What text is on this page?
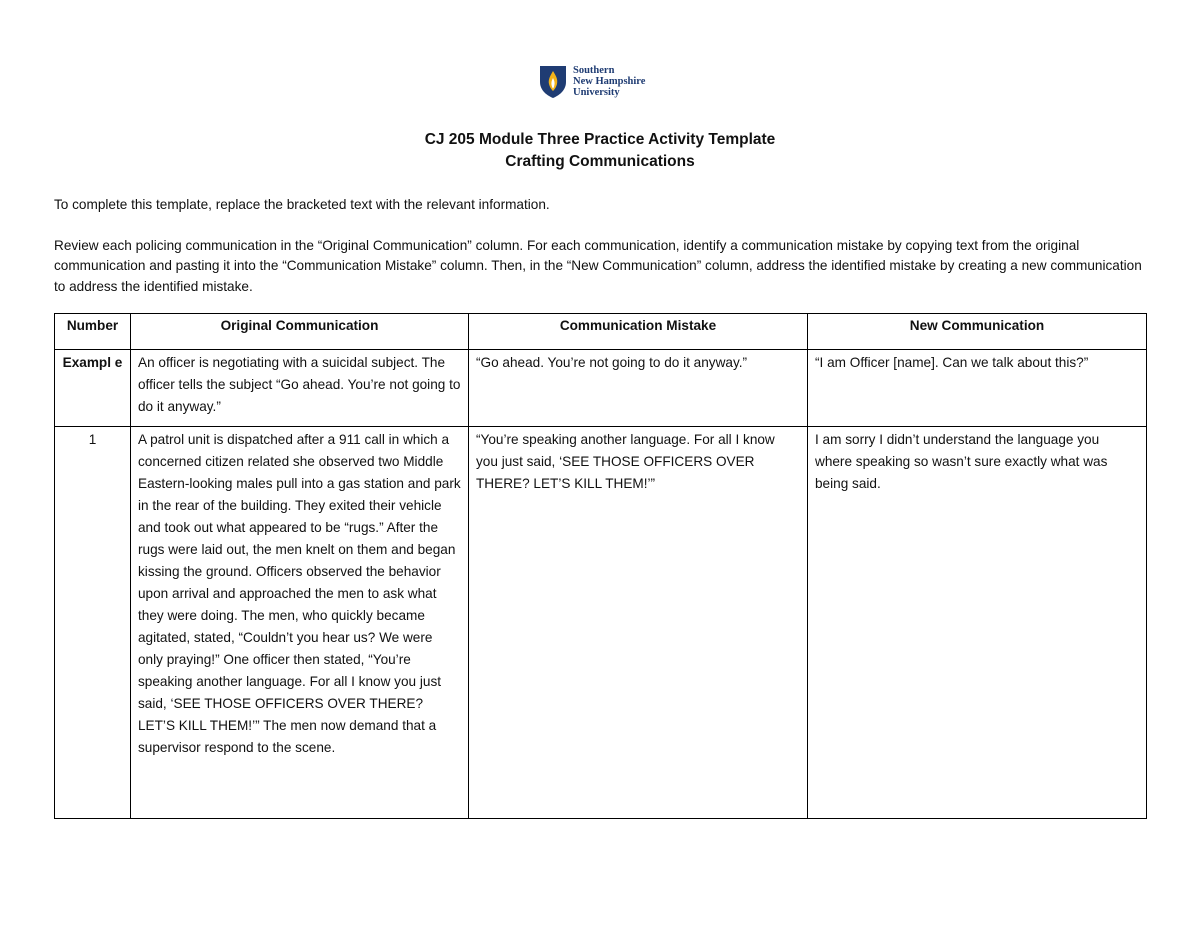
Southern
New Hampshire
University
CJ 205 Module Three Practice Activity Template
Crafting Communications

To complete this template, replace the bracketed text with the relevant information.

Review each policing communication in the “Original Communication” column. For each communication, identify a communication mistake by copying text from the original communication and pasting it into the “Communication Mistake” column. Then, in the “New Communication” column, address the identified mistake by creating a new communication to address the identified mistake.

Number	Original Communication	Communication Mistake	New Communication
Exampl e	An officer is negotiating with a suicidal subject. The officer tells the subject “Go ahead. You’re not going to do it anyway.”	“Go ahead. You’re not going to do it anyway.”	“I am Officer [name]. Can we talk about this?”
1	A patrol unit is dispatched after a 911 call in which a concerned citizen related she observed two Middle Eastern-looking males pull into a gas station and park in the rear of the building. They exited their vehicle and took out what appeared to be “rugs.” After the rugs were laid out, the men knelt on them and began kissing the ground. Officers observed the behavior upon arrival and approached the men to ask what they were doing. The men, who quickly became agitated, stated, “Couldn’t you hear us? We were only praying!” One officer then stated, “You’re speaking another language. For all I know you just said, ‘SEE THOSE OFFICERS OVER THERE? LET’S KILL THEM!’” The men now demand that a supervisor respond to the scene.	“You’re speaking another language. For all I know you just said, ‘SEE THOSE OFFICERS OVER THERE? LET’S KILL THEM!’”	I am sorry I didn’t understand the language you where speaking so wasn’t sure exactly what was being said.
